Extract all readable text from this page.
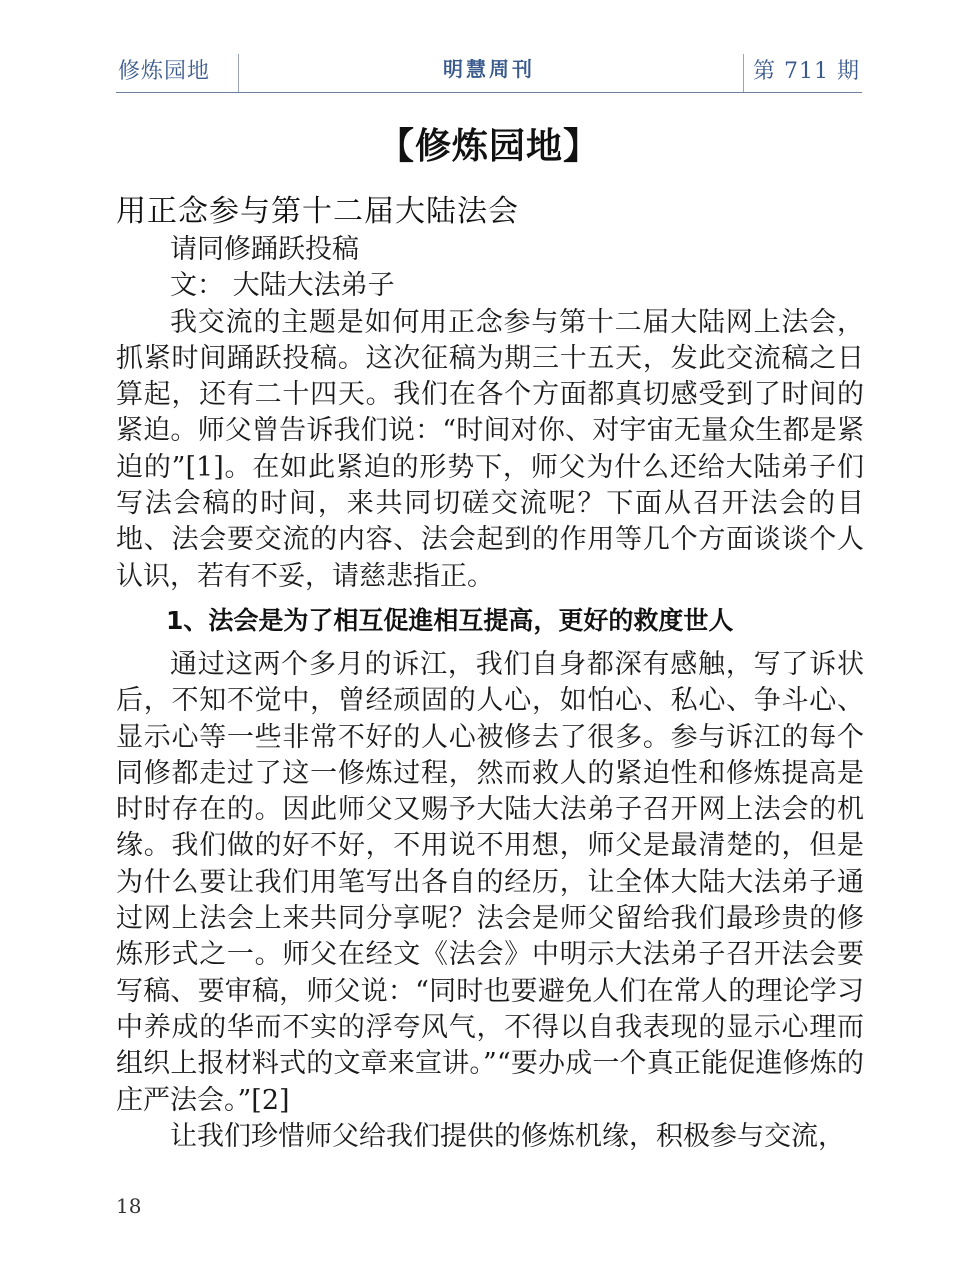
修炼园地	明慧周刊	第 711 期
【修炼园地】
用正念参与第十二届大陆法会

请同修踊跃投稿

文： 大陆大法弟子

我交流的主题是如何用正念参与第十二届大陆网上法会，抓紧时间踊跃投稿。这次征稿为期三十五天，发此交流稿之日算起，还有二十四天。我们在各个方面都真切感受到了时间的紧迫。师父曾告诉我们说：“时间对你、对宇宙无量众生都是紧迫的”[1]。在如此紧迫的形势下，师父为什么还给大陆弟子们写法会稿的时间，来共同切磋交流呢？下面从召开法会的目地、法会要交流的内容、法会起到的作用等几个方面谈谈个人认识，若有不妥，请慈悲指正。

1、法会是为了相互促進相互提高，更好的救度世人

通过这两个多月的诉江，我们自身都深有感触，写了诉状后，不知不觉中，曾经顽固的人心，如怕心、私心、争斗心、显示心等一些非常不好的人心被修去了很多。参与诉江的每个同修都走过了这一修炼过程，然而救人的紧迫性和修炼提高是时时存在的。因此师父又赐予大陆大法弟子召开网上法会的机缘。我们做的好不好，不用说不用想，师父是最清楚的，但是为什么要让我们用笔写出各自的经历，让全体大陆大法弟子通过网上法会上来共同分享呢？法会是师父留给我们最珍贵的修炼形式之一。师父在经文《法会》中明示大法弟子召开法会要写稿、要审稿，师父说：“同时也要避免人们在常人的理论学习中养成的华而不实的浮夸风气，不得以自我表现的显示心理而组织上报材料式的文章来宣讲。”“要办成一个真正能促進修炼的庄严法会。”[2]

让我们珍惜师父给我们提供的修炼机缘，积极参与交流，

18
